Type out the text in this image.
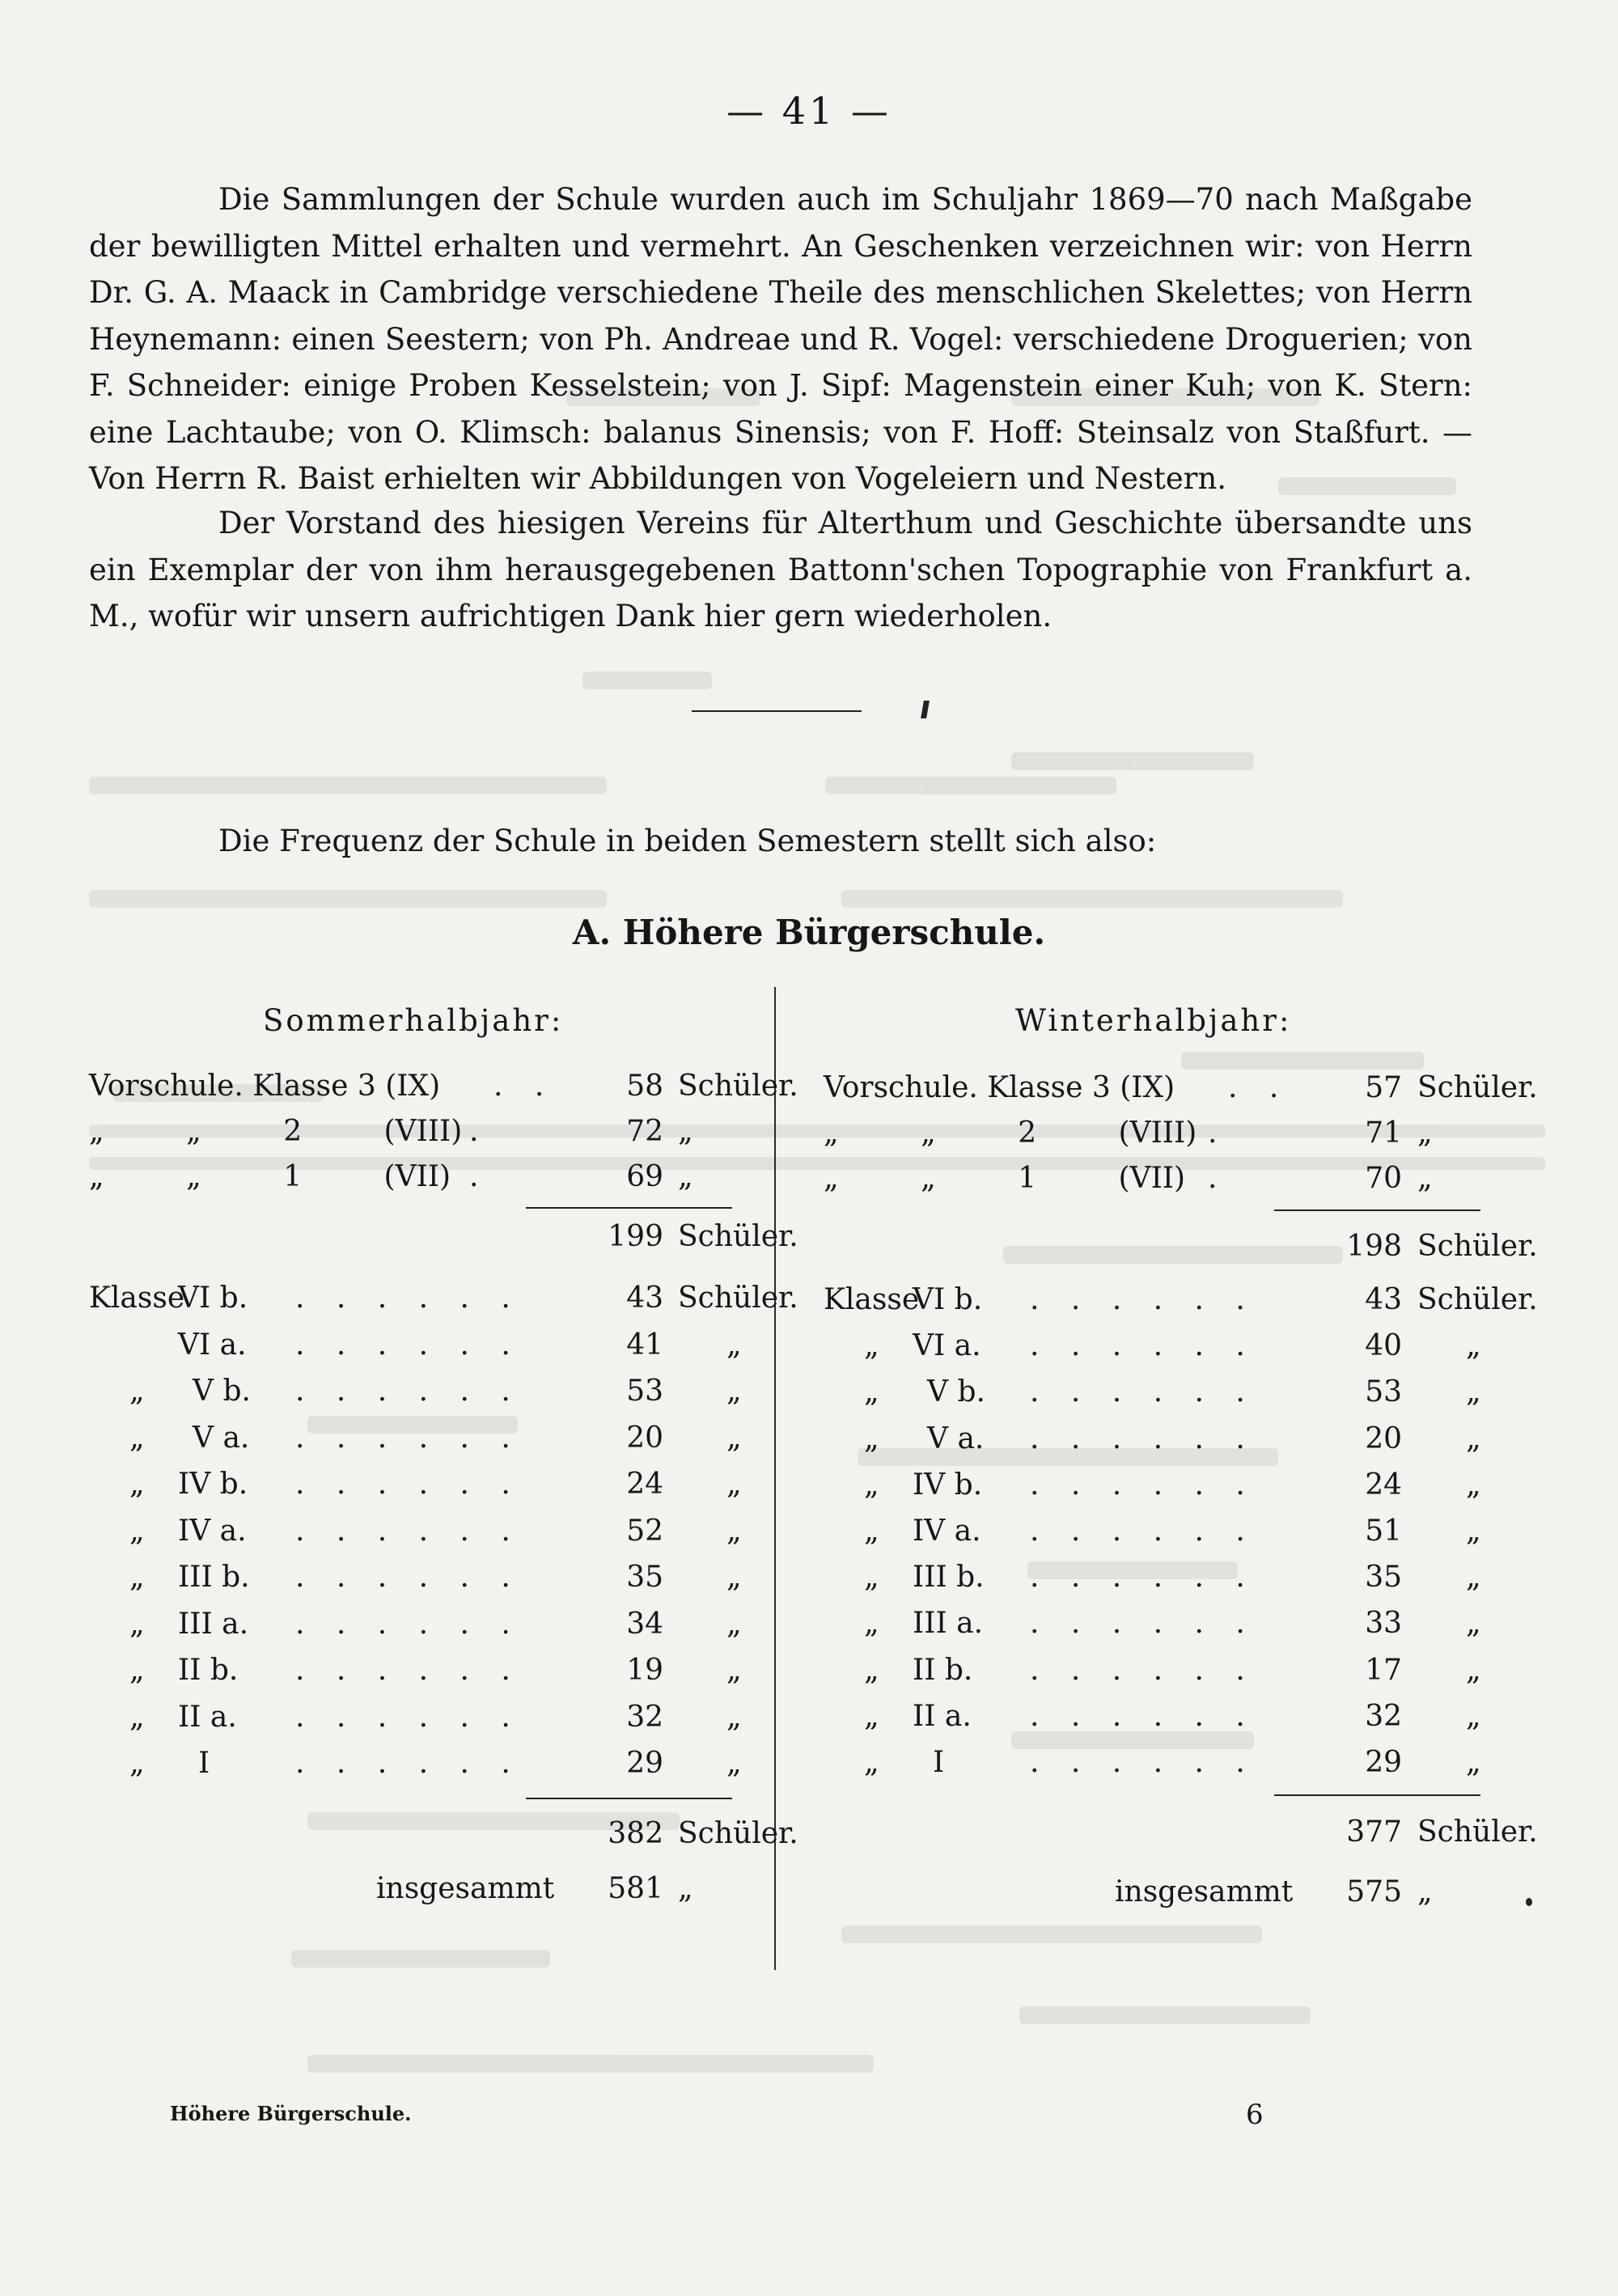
— 41 —
Die Sammlungen der Schule wurden auch im Schuljahr 1869—70 nach Maßgabe der bewilligten Mittel erhalten und vermehrt. An Geschenken verzeichnen wir: von Herrn Dr. G. A. Maack in Cambridge verschiedene Theile des menschlichen Skelettes; von Herrn Heynemann: einen Seestern; von Ph. Andreae und R. Vogel: verschiedene Droguerien; von F. Schneider: einige Proben Kesselstein; von J. Sipf: Magenstein einer Kuh; von K. Stern: eine Lachtaube; von O. Klimsch: balanus Sinensis; von F. Hoff: Steinsalz von Staßfurt. — Von Herrn R. Baist erhielten wir Abbildungen von Vogeleiern und Nestern.
Der Vorstand des hiesigen Vereins für Alterthum und Geschichte übersandte uns ein Exemplar der von ihm herausgegebenen Battonn'schen Topographie von Frankfurt a. M., wofür wir unsern aufrichtigen Dank hier gern wiederholen.
Die Frequenz der Schule in beiden Semestern stellt sich also:
A. Höhere Bürgerschule.
Sommerhalbjahr:	Winterhalbjahr:
Vorschule. Klasse 3 (IX) . .	58 Schüler.
„ „ 2 (VIII) .	72 „
„ „ 1 (VII) .	69 „
199 Schüler.
Klasse
VI b. . . . . . .	43 Schüler.
VI a. . . . . . .	41 „
„ V b. . . . . . .	53 „
„ V a. . . . . . .	20 „
„ IV b. . . . . . .	24 „
„ IV a. . . . . . .	52 „
„ III b. . . . . . .	35 „
„ III a. . . . . . .	34 „
„ II b. . . . . . .	19 „
„ II a. . . . . . .	32 „
„ I	. . . . . .	29 „
382 Schüler.
insgesammt	581 „
Vorschule. Klasse 3 (IX) . .	57 Schüler.
„ „ 2 (VIII) .	71 „
„ „ 1 (VII) .	70 „
198 Schüler.
Klasse
VI b. . . . . . .	43 Schüler.
„ VI a. . . . . . .	40 „
„ V b. . . . . . .	53 „
„ V a. . . . . . .	20 „
„ IV b. . . . . . .	24 „
„ IV a. . . . . . .	51 „
„ III b. . . . . . .	35 „
„ III a. . . . . . .	33 „
„ II b. . . . . . .	17 „
„ II a. . . . . . .	32 „
„ I	. . . . . .	29 „
377 Schüler.
insgesammt	575 „
Höhere Bürgerschule.	6
